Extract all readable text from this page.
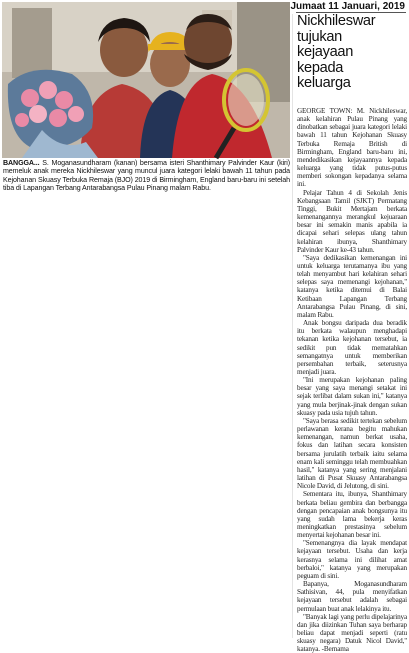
Jumaat 11 Januari, 2019
BANGGA... S. Moganasundharam (kanan) bersama isteri Shanthimary Palvinder Kaur (kiri) memeluk anak mereka Nickhileswar yang muncul juara kategori lelaki bawah 11 tahun pada Kejohanan Skuasy Terbuka Remaja (BJO) 2019 di Birmingham, England baru-baru ini setelah tiba di Lapangan Terbang Antarabangsa Pulau Pinang malam Rabu.
Nickhileswar
tujukan
kejayaan
kepada
keluarga

GEORGE TOWN: M. Nickhileswar, anak kelahiran Pulau Pinang yang dinobatkan sebagai juara kategori lelaki bawah 11 tahun Kejohanan Skuasy Terbuka Remaja British di Birmingham, England baru-baru ini, mendedikasikan kejayaannya kepada keluarga yang tidak putus-putus memberi sokongan kepadanya selama ini.

Pelajar Tahun 4 di Sekolah Jenis Kebangsaan Tamil (SJKT) Permatang Tinggi, Bukit Mertajam berkata kemenangannya merangkul kejuaraan besar ini semakin manis apabila ia dicapai sehari selepas ulang tahun kelahiran ibunya, Shanthimary Palvinder Kaur ke-43 tahun.

"Saya dedikasikan kemenangan ini untuk keluarga terutamanya ibu yang telah menyambut hari kelahiran sehari selepas saya memenangi kejohanan," katanya ketika ditemui di Balai Ketibaan Lapangan Terbang Antarabangsa Pulau Pinang, di sini, malam Rabu.

Anak bongsu daripada dua beradik itu berkata walaupun menghadapi tekanan ketika kejohanan tersebut, ia sedikit pun tidak mematahkan semangatnya untuk memberikan persembahan terbaik, seterusnya menjadi juara.

"Ini merupakan kejohanan paling besar yang saya menangi setakat ini sejak terlibat dalam sukan ini," katanya yang mula berjinak-jinak dengan sukan skuasy pada usia tujuh tahun.

"Saya berasa sedikit tertekan sebelum perlawanan kerana begitu mahukan kemenangan, namun berkat usaha, fokus dan latihan secara konsisten bersama jurulatih terbaik iaitu selama enam kali seminggu telah membuahkan hasil," katanya yang sering menjalani latihan di Pusat Skuasy Antarabangsa Nicole David, di Jelutong, di sini.

Sementara itu, ibunya, Shanthimary berkata beliau gembira dan berbangga dengan pencapaian anak bongsunya itu yang sudah lama bekerja keras meningkatkan prestasinya sebelum menyertai kejohanan besar ini.

"Semenangnya dia layak mendapat kejayaan tersebut. Usaha dan kerja kerasnya selama ini dilihat amat berbaloi," katanya yang merupakan peguam di sini.

Bapanya, Moganasundharam Sathisivan, 44, pula menyifatkan kejayaan tersebut adalah sebagai permulaan buat anak lelakinya itu.

"Banyak lagi yang perlu dipelajarinya dan jika diizinkan Tuhan saya berharap beliau dapat menjadi seperti (ratu skuasy negara) Datuk Nicol David," katanya. -Bernama
